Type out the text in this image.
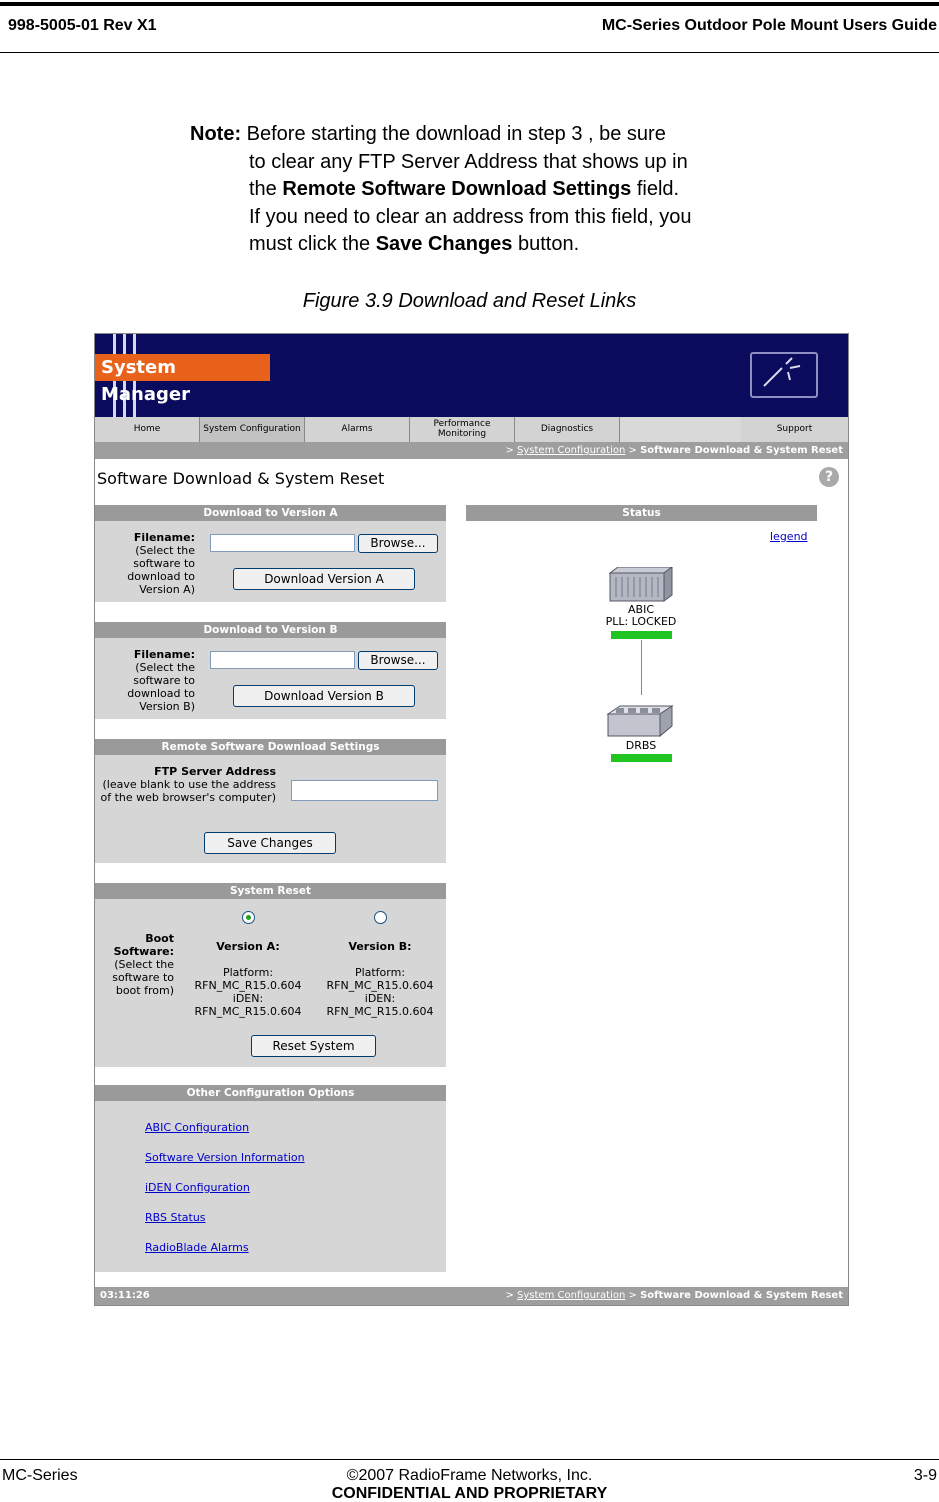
998-5005-01 Rev X1	MC-Series Outdoor Pole Mount Users Guide
Note: Before starting the download in step 3 , be sure
to clear any FTP Server Address that shows up in
the Remote Software Download Settings field.
If you need to clear an address from this field, you
must click the Save Changes button.
Figure 3.9 Download and Reset Links
System Manager
Home	System Configuration	Alarms	Performance Monitoring	Diagnostics	Support
> System Configuration > Software Download & System Reset
Software Download & System Reset	?
Download to Version A
Filename:
(Select the software to download to Version A)
Browse...
Download Version A
Download to Version B
Filename:
(Select the software to download to Version B)
Browse...
Download Version B
Remote Software Download Settings
FTP Server Address
(leave blank to use the address of the web browser's computer)
Save Changes
System Reset
Boot Software:
(Select the software to boot from)
Version A:

Platform:
RFN_MC_R15.0.604
iDEN:
RFN_MC_R15.0.604
Version B:

Platform:
RFN_MC_R15.0.604
iDEN:
RFN_MC_R15.0.604
Reset System
Other Configuration Options
ABIC Configuration
Software Version Information
iDEN Configuration
RBS Status
RadioBlade Alarms
Status
legend
ABIC
PLL: LOCKED
DRBS
03:11:26	> System Configuration > Software Download & System Reset
MC-Series	©2007 RadioFrame Networks, Inc.
CONFIDENTIAL AND PROPRIETARY
3-9
